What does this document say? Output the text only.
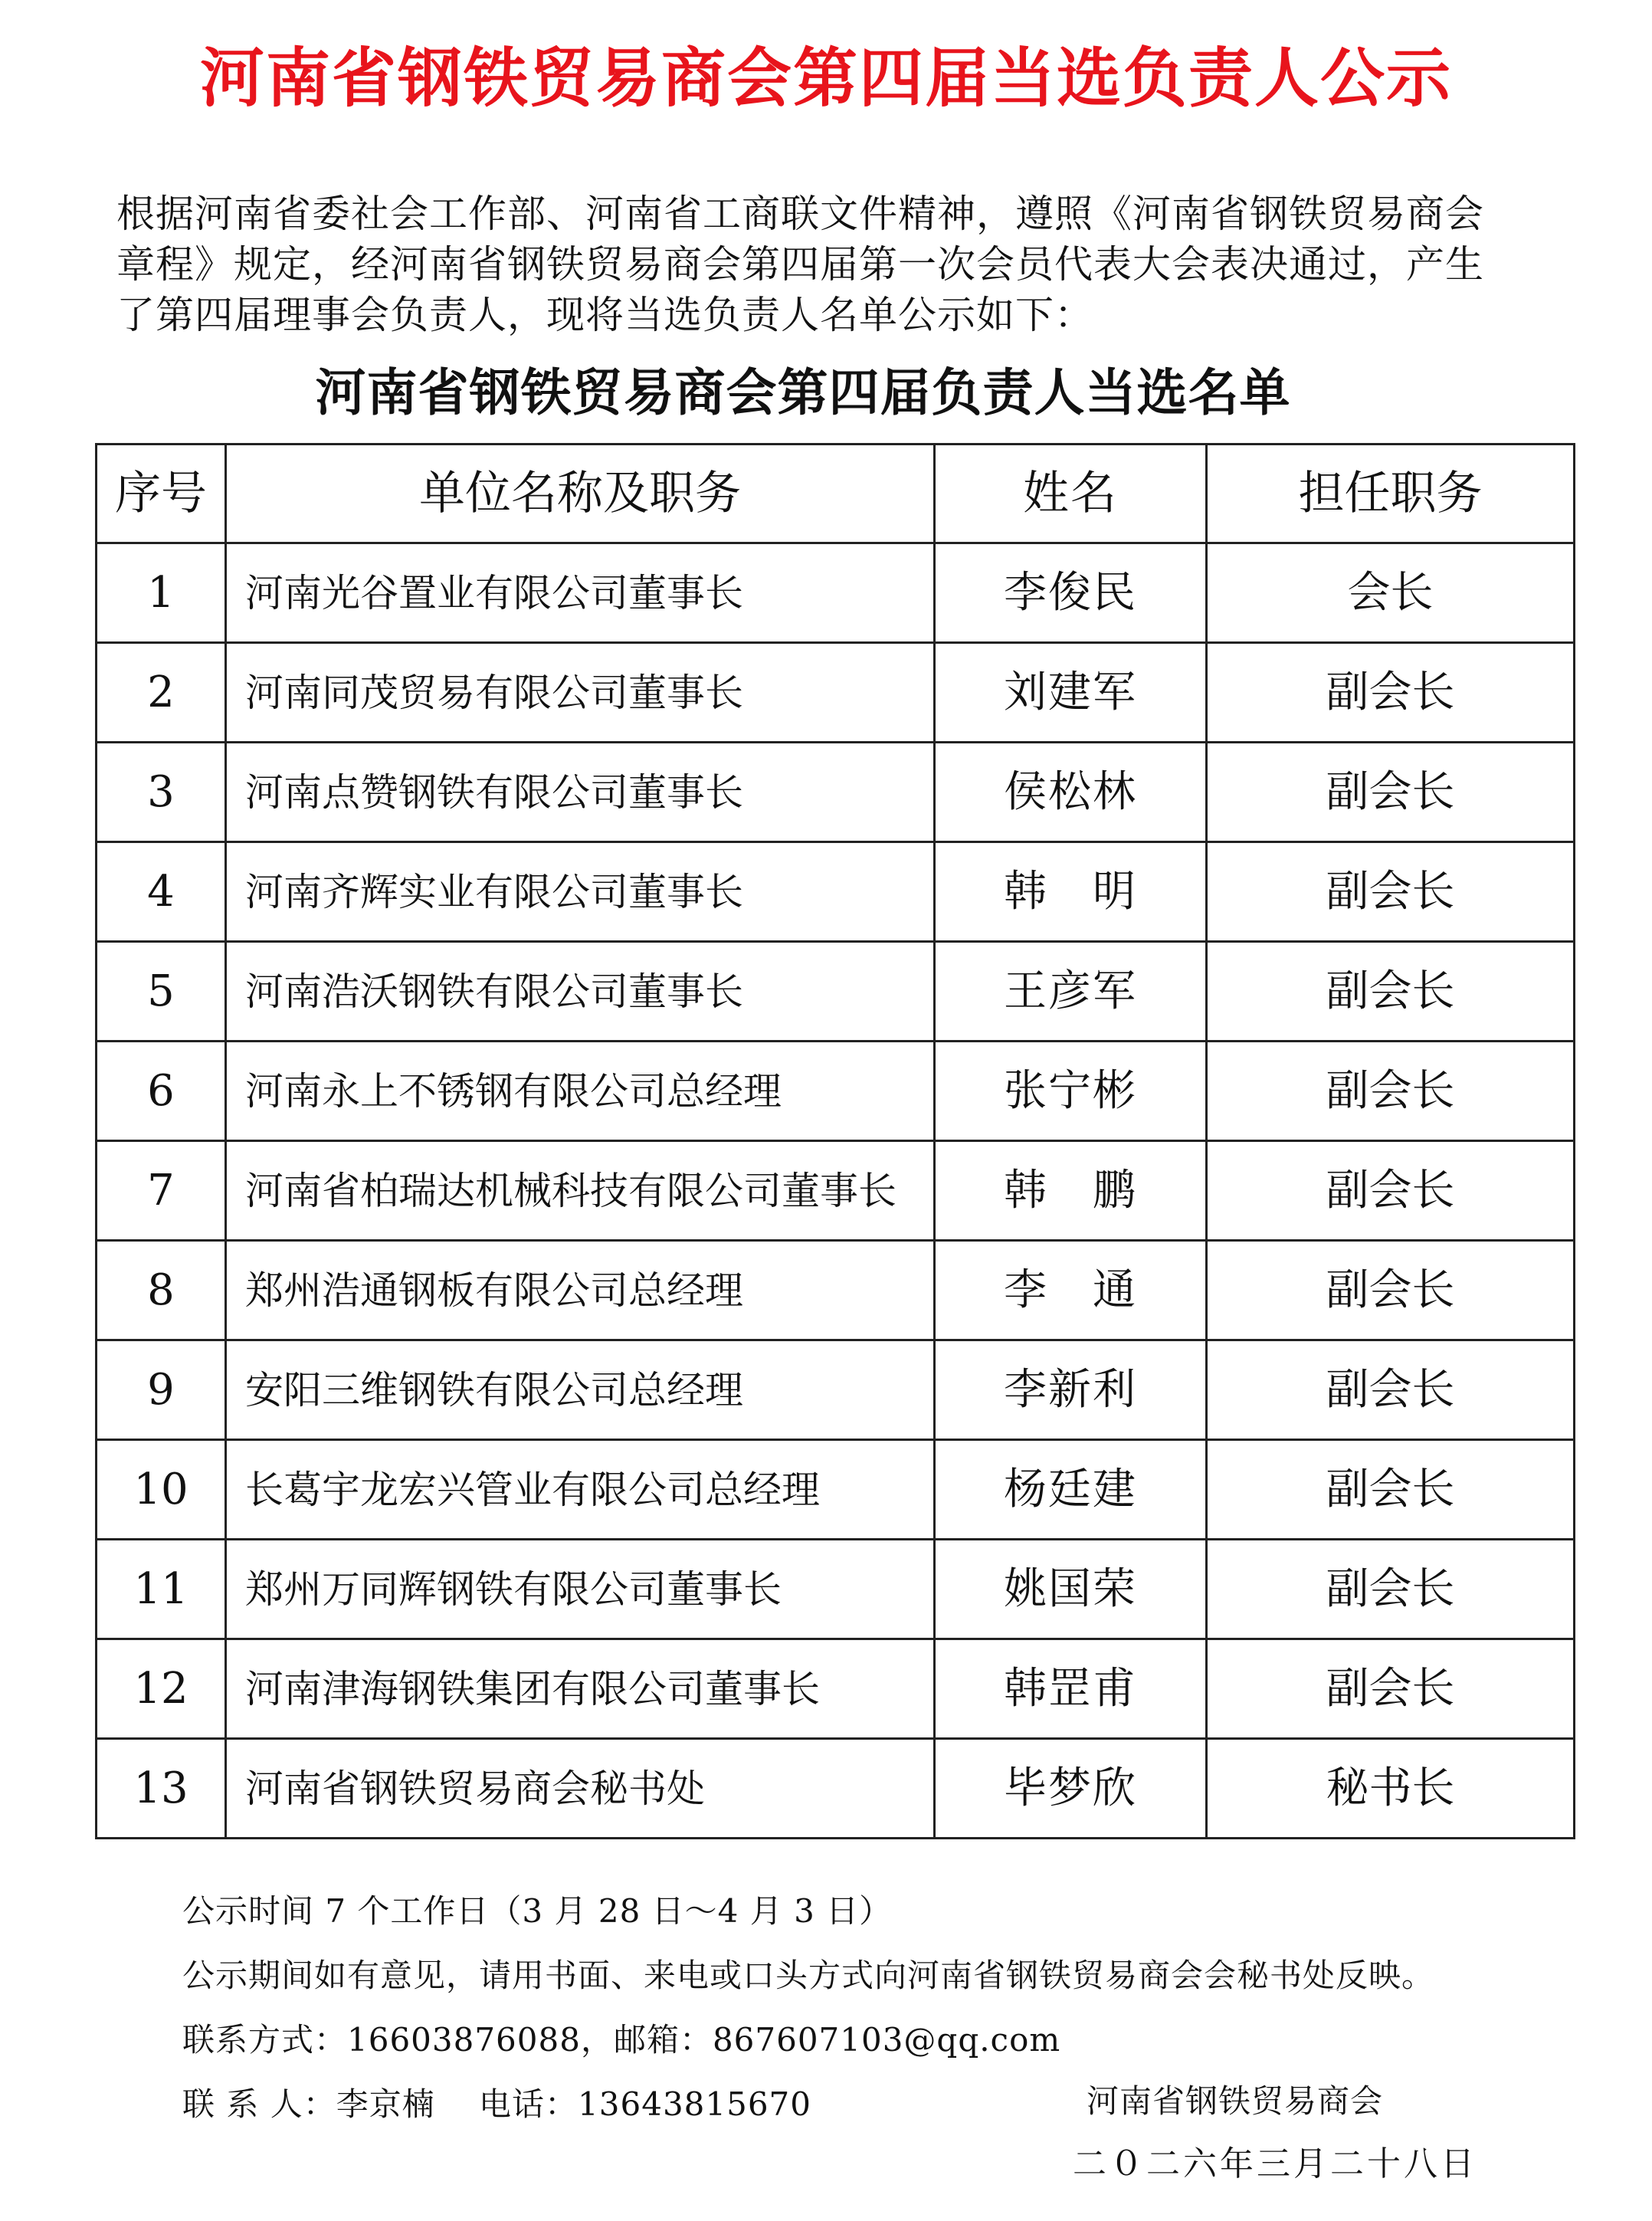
河南省钢铁贸易商会第四届当选负责人公示
根据河南省委社会工作部、河南省工商联文件精神，遵照《河南省钢铁贸易商会
章程》规定，经河南省钢铁贸易商会第四届第一次会员代表大会表决通过，产生
了第四届理事会负责人，现将当选负责人名单公示如下：
河南省钢铁贸易商会第四届负责人当选名单
序号	单位名称及职务	姓名	担任职务
1	河南光谷置业有限公司董事长	李俊民	会长
2	河南同茂贸易有限公司董事长	刘建军	副会长
3	河南点赞钢铁有限公司董事长	侯松林	副会长
4	河南齐辉实业有限公司董事长	韩　明	副会长
5	河南浩沃钢铁有限公司董事长	王彦军	副会长
6	河南永上不锈钢有限公司总经理	张宁彬	副会长
7	河南省柏瑞达机械科技有限公司董事长	韩　鹏	副会长
8	郑州浩通钢板有限公司总经理	李　通	副会长
9	安阳三维钢铁有限公司总经理	李新利	副会长
10	长葛宇龙宏兴管业有限公司总经理	杨廷建	副会长
11	郑州万同辉钢铁有限公司董事长	姚国荣	副会长
12	河南津海钢铁集团有限公司董事长	韩罡甫	副会长
13	河南省钢铁贸易商会秘书处	毕梦欣	秘书长
公示时间 7 个工作日（3 月 28 日～4 月 3 日）
公示期间如有意见，请用书面、来电或口头方式向河南省钢铁贸易商会会秘书处反映。
联系方式：16603876088，邮箱：867607103@qq.com
联 系 人：李京楠　 电话：13643815670	河南省钢铁贸易商会
二０二六年三月二十八日
